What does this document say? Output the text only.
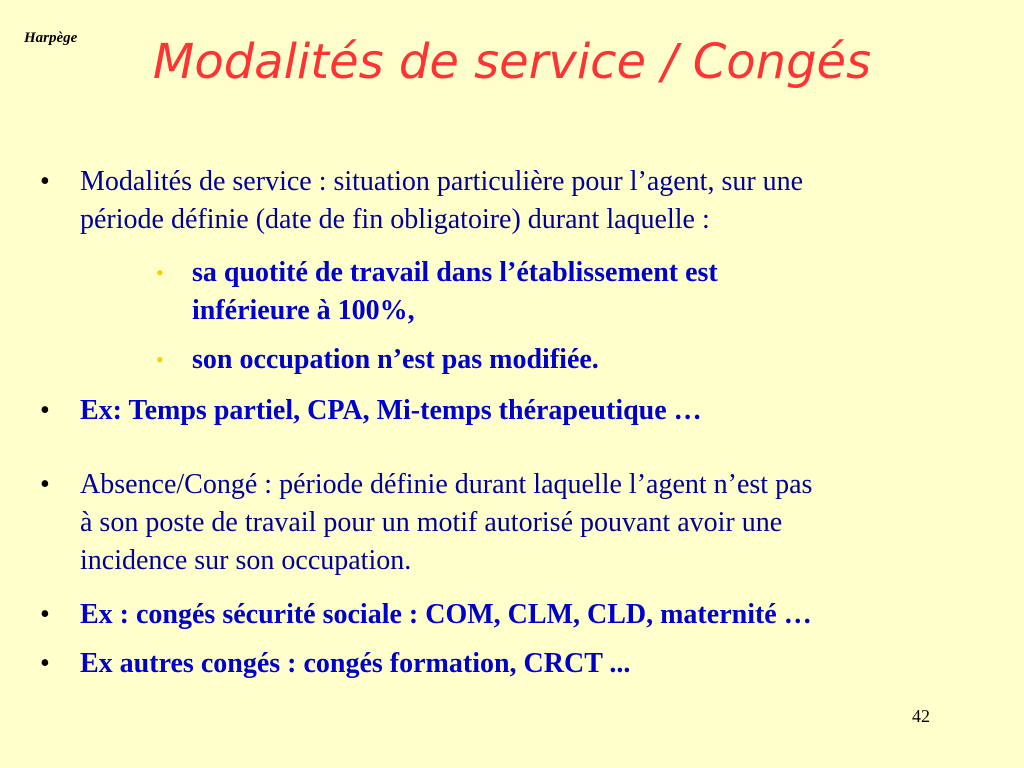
Harpège	Modalités de service / Congés
• Modalités de service : situation particulière pour l’agent, sur une
période définie (date de fin obligatoire) durant laquelle :
• sa quotité de travail dans l’établissement est
inférieure à 100%,
• son occupation n’est pas modifiée.
• Ex: Temps partiel, CPA, Mi-temps thérapeutique …
• Absence/Congé : période définie durant laquelle l’agent n’est pas
à son poste de travail pour un motif autorisé pouvant avoir une
incidence sur son occupation.
• Ex : congés sécurité sociale : COM, CLM, CLD, maternité …
• Ex autres congés : congés formation, CRCT ...
42
